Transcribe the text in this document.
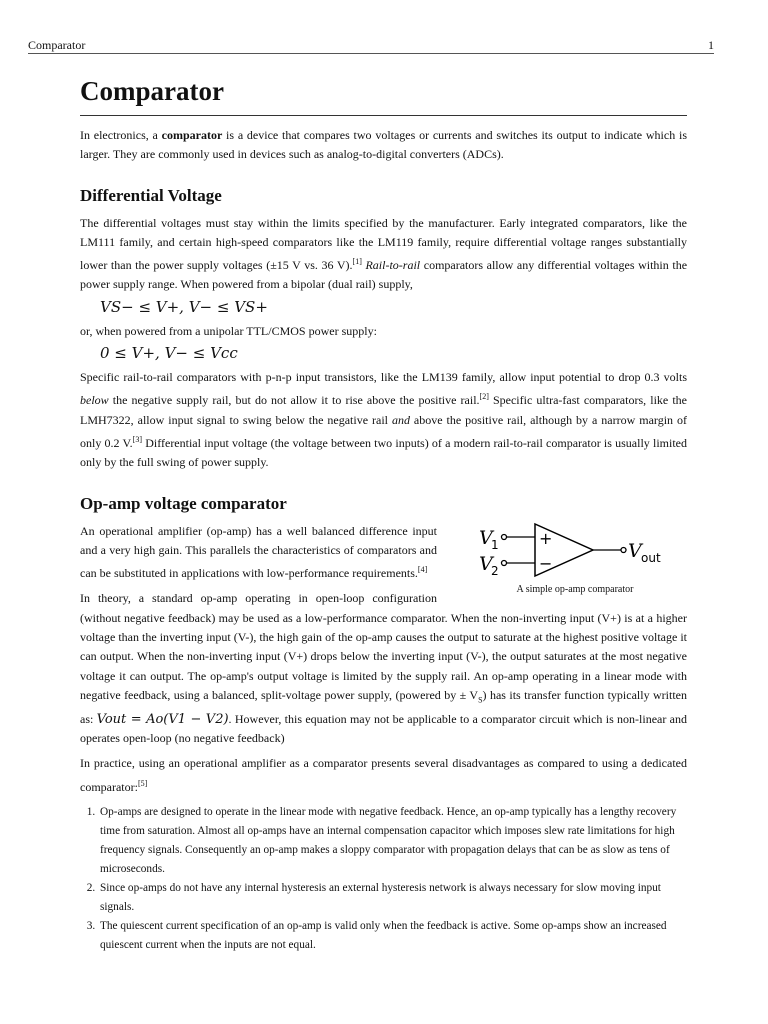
Comparator	1
Comparator

In electronics, a comparator is a device that compares two voltages or currents and switches its output to indicate which is larger. They are commonly used in devices such as analog-to-digital converters (ADCs).

Differential Voltage

The differential voltages must stay within the limits specified by the manufacturer. Early integrated comparators, like the LM111 family, and certain high-speed comparators like the LM119 family, require differential voltage ranges substantially lower than the power supply voltages (±15 V vs. 36 V).[1] Rail-to-rail comparators allow any differential voltages within the power supply range. When powered from a bipolar (dual rail) supply,

VS− ≤ V+, V− ≤ VS+

or, when powered from a unipolar TTL/CMOS power supply:

0 ≤ V+, V− ≤ Vcc

Specific rail-to-rail comparators with p-n-p input transistors, like the LM139 family, allow input potential to drop 0.3 volts below the negative supply rail, but do not allow it to rise above the positive rail.[2] Specific ultra-fast comparators, like the LMH7322, allow input signal to swing below the negative rail and above the positive rail, although by a narrow margin of only 0.2 V.[3] Differential input voltage (the voltage between two inputs) of a modern rail-to-rail comparator is usually limited only by the full swing of power supply.

Op-amp voltage comparator
V
1
V
2
+
−
V out
A simple op-amp comparator

An operational amplifier (op-amp) has a well balanced difference input and a very high gain. This parallels the characteristics of comparators and can be substituted in applications with low-performance requirements.[4]

In theory, a standard op-amp operating in open-loop configuration (without negative feedback) may be used as a low-performance comparator. When the non-inverting input (V+) is at a higher voltage than the inverting input (V-), the high gain of the op-amp causes the output to saturate at the highest positive voltage it can output. When the non-inverting input (V+) drops below the inverting input (V-), the output saturates at the most negative voltage it can output. The op-amp's output voltage is limited by the supply rail. An op-amp operating in a linear mode with negative feedback, using a balanced, split-voltage power supply, (powered by ± $V_S$) has its transfer function typically written as: Vout = Ao(V1 − V2). However, this equation may not be applicable to a comparator circuit which is non-linear and operates open-loop (no negative feedback)

In practice, using an operational amplifier as a comparator presents several disadvantages as compared to using a dedicated comparator:[5]

1. Op-amps are designed to operate in the linear mode with negative feedback. Hence, an op-amp typically has a lengthy recovery time from saturation. Almost all op-amps have an internal compensation capacitor which imposes slew rate limitations for high frequency signals. Consequently an op-amp makes a sloppy comparator with propagation delays that can be as slow as tens of microseconds.
2. Since op-amps do not have any internal hysteresis an external hysteresis network is always necessary for slow moving input signals.
3. The quiescent current specification of an op-amp is valid only when the feedback is active. Some op-amps show an increased quiescent current when the inputs are not equal.
